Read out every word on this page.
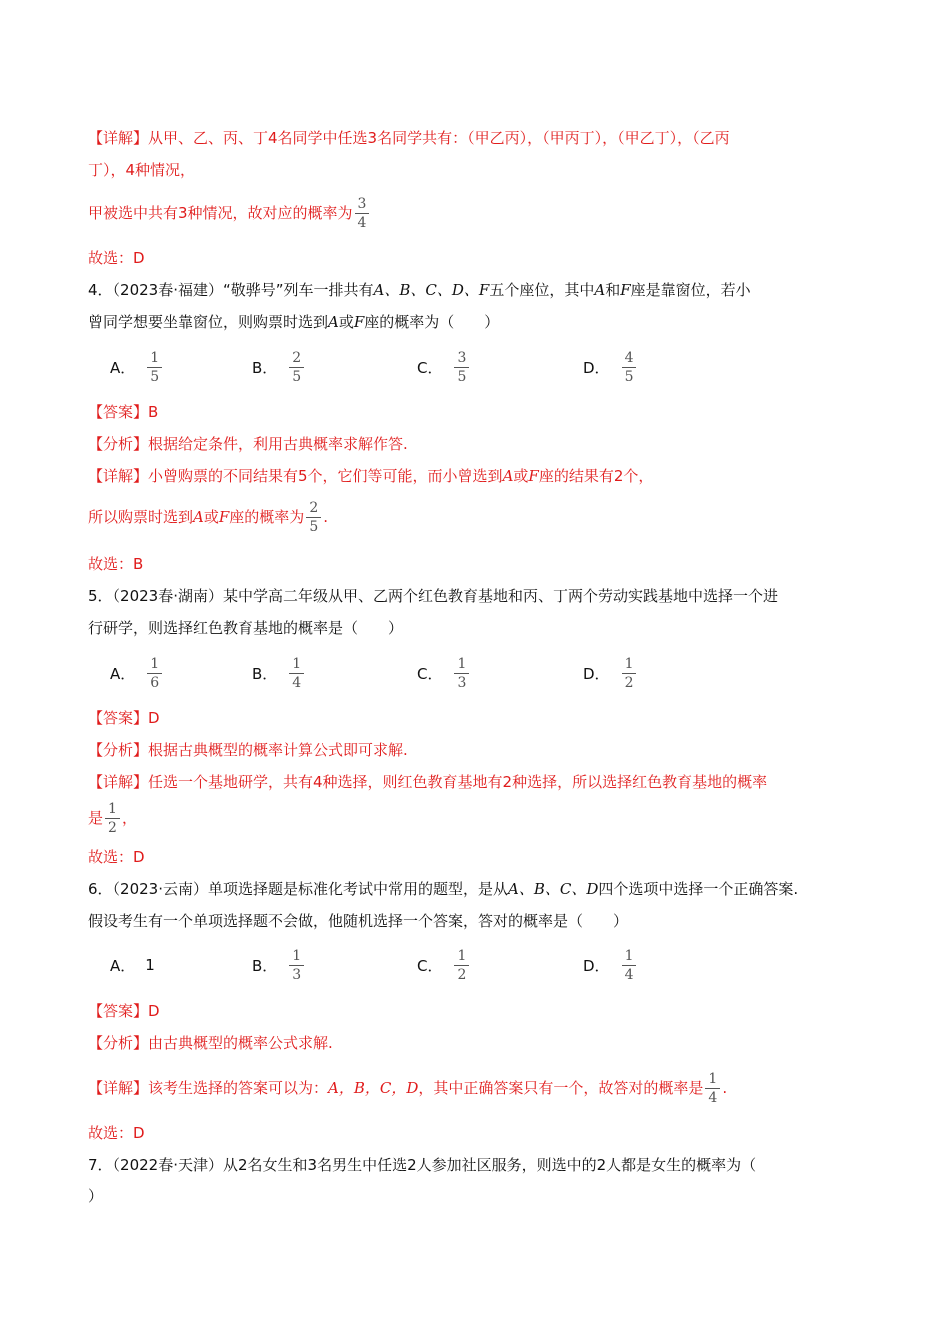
【详解】从甲、乙、丙、丁4名同学中任选3名同学共有：（甲乙丙），（甲丙丁），（甲乙丁），（乙丙
丁），4种情况，
甲被选中共有3种情况，故对应的概率为 $\frac{3}{4}$
故选：D
4．（2023春·福建）“敬骅号”列车一排共有A、B、C、D、F五个座位，其中A和F座是靠窗位，若小
曾同学想要坐靠窗位，则购票时选到A或F座的概率为（　　）
A． $\frac{1}{5}$	B． $\frac{2}{5}$	C． $\frac{3}{5}$	D． $\frac{4}{5}$
【答案】B
【分析】根据给定条件，利用古典概率求解作答.
【详解】小曾购票的不同结果有5个，它们等可能，而小曾选到A或F座的结果有2个，
所以购票时选到A或F座的概率为 $\frac{2}{5}$ .
故选：B
5．（2023春·湖南）某中学高二年级从甲、乙两个红色教育基地和丙、丁两个劳动实践基地中选择一个进
行研学，则选择红色教育基地的概率是（　　）
A． $\frac{1}{6}$	B． $\frac{1}{4}$	C． $\frac{1}{3}$	D． $\frac{1}{2}$
【答案】D
【分析】根据古典概型的概率计算公式即可求解.
【详解】任选一个基地研学，共有4种选择，则红色教育基地有2种选择，所以选择红色教育基地的概率
是 $\frac{1}{2}$ ，
故选：D
6．（2023·云南）单项选择题是标准化考试中常用的题型，是从A、B、C、D四个选项中选择一个正确答案.
假设考生有一个单项选择题不会做，他随机选择一个答案，答对的概率是（　　）
A． 1	B． $\frac{1}{3}$	C． $\frac{1}{2}$	D． $\frac{1}{4}$
【答案】D
【分析】由古典概型的概率公式求解.
【详解】该考生选择的答案可以为：A，B，C，D，其中正确答案只有一个，故答对的概率是 $\frac{1}{4}$ .
故选：D
7．（2022春·天津）从2名女生和3名男生中任选2人参加社区服务，则选中的2人都是女生的概率为（
）
